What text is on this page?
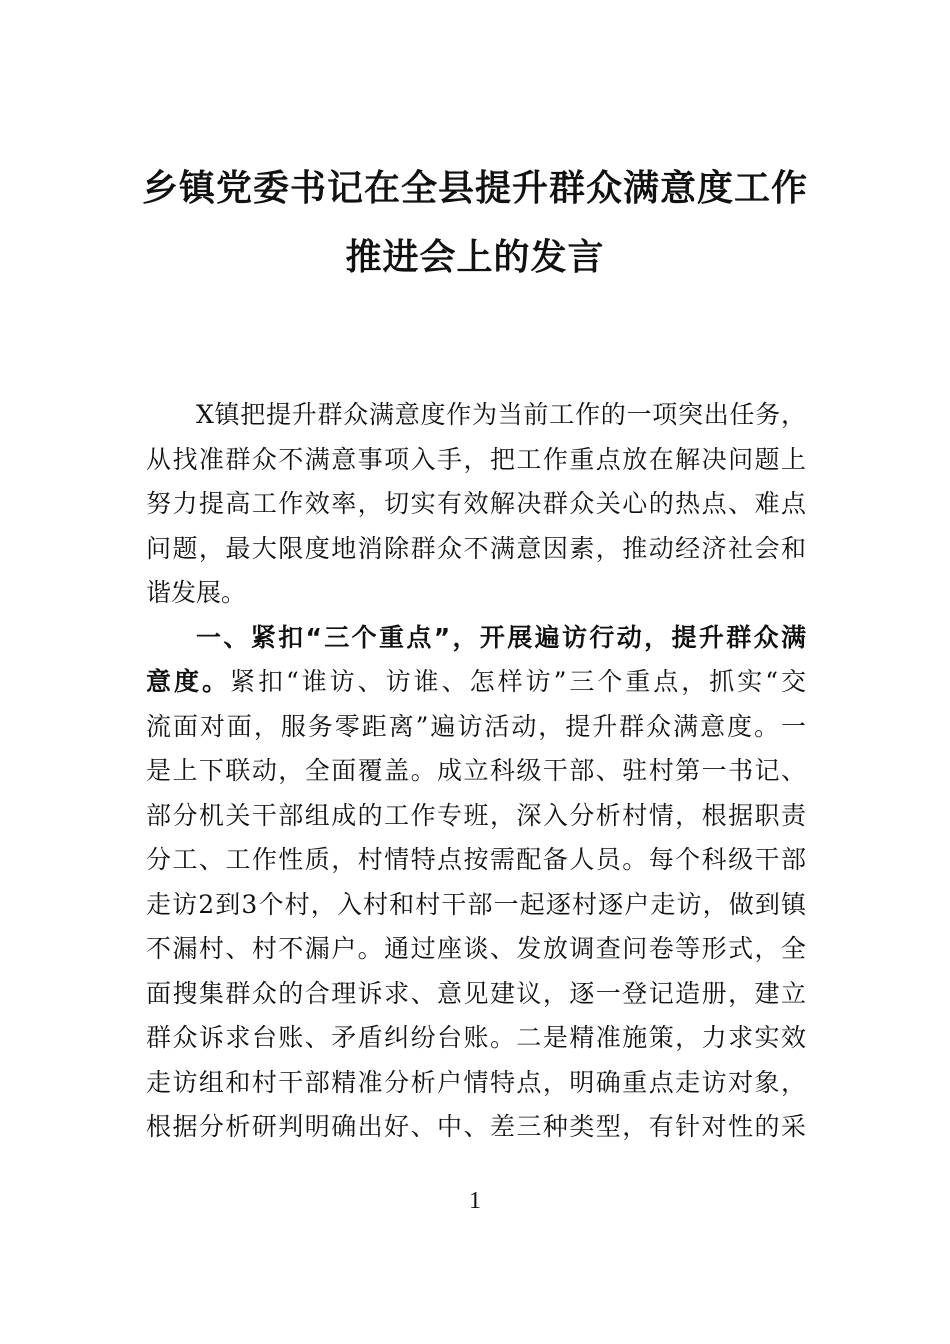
乡镇党委书记在全县提升群众满意度工作
推进会上的发言
X镇把提升群众满意度作为当前工作的一项突出任务，
从找准群众不满意事项入手，把工作重点放在解决问题上
努力提高工作效率，切实有效解决群众关心的热点、难点
问题，最大限度地消除群众不满意因素，推动经济社会和
谐发展。
一、紧扣“三个重点”，开展遍访行动，提升群众满
意度。紧扣“谁访、访谁、怎样访”三个重点，抓实“交
流面对面，服务零距离”遍访活动，提升群众满意度。一
是上下联动，全面覆盖。成立科级干部、驻村第一书记、
部分机关干部组成的工作专班，深入分析村情，根据职责
分工、工作性质，村情特点按需配备人员。每个科级干部
走访2到3个村，入村和村干部一起逐村逐户走访，做到镇
不漏村、村不漏户。通过座谈、发放调查问卷等形式，全
面搜集群众的合理诉求、意见建议，逐一登记造册，建立
群众诉求台账、矛盾纠纷台账。二是精准施策，力求实效
走访组和村干部精准分析户情特点，明确重点走访对象，
根据分析研判明确出好、中、差三种类型，有针对性的采
1
